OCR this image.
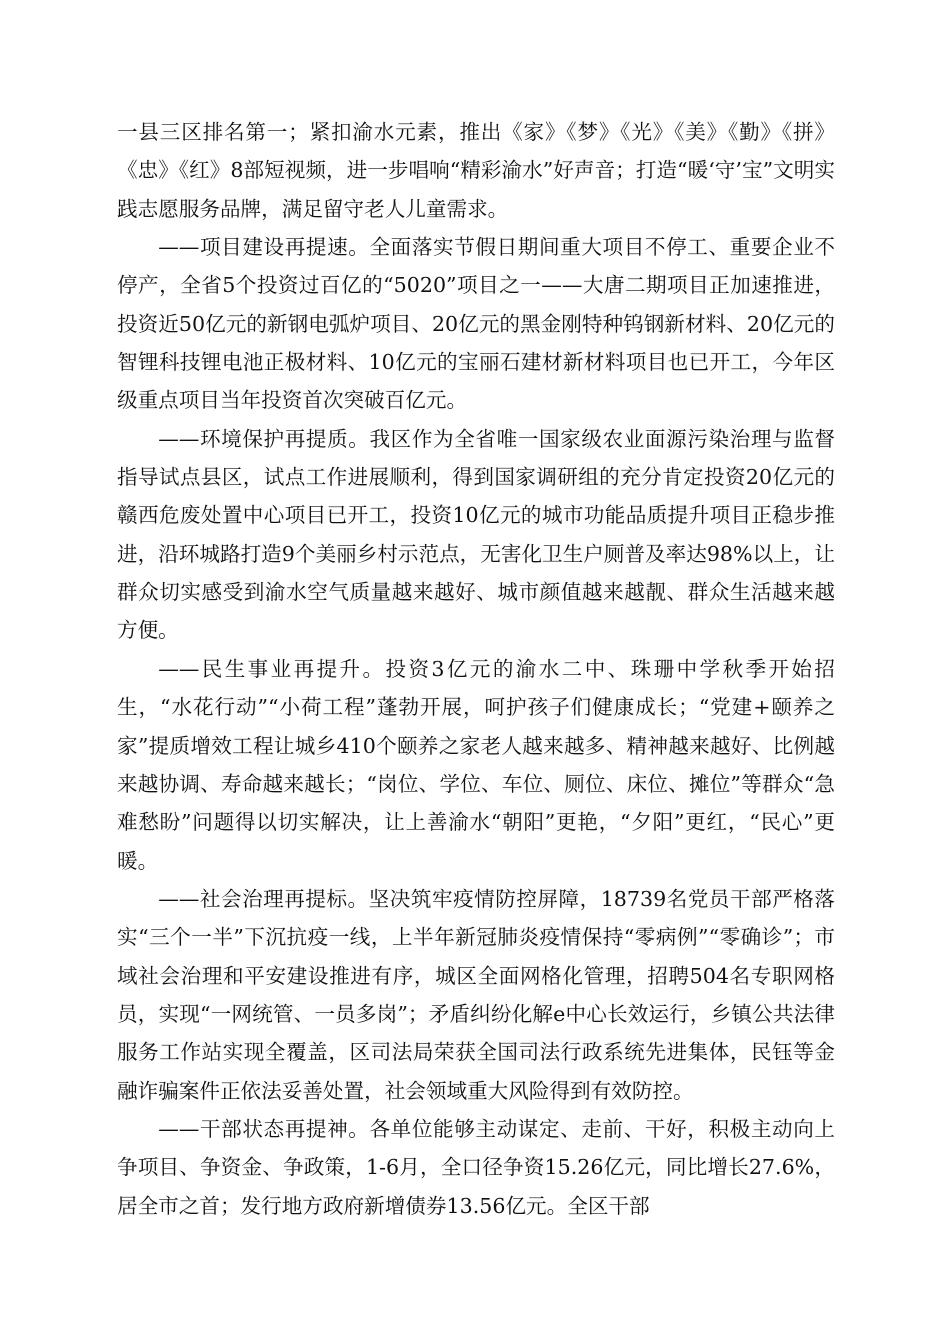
一县三区排名第一；紧扣渝水元素，推出《家》《梦》《光》《美》《勤》《拼》《忠》《红》8部短视频，进一步唱响“精彩渝水”好声音；打造“暖‘守’宝”文明实践志愿服务品牌，满足留守老人儿童需求。

——项目建设再提速。全面落实节假日期间重大项目不停工、重要企业不停产，全省5个投资过百亿的“5020”项目之一——大唐二期项目正加速推进，投资近50亿元的新钢电弧炉项目、20亿元的黑金刚特种钨钢新材料、20亿元的智锂科技锂电池正极材料、10亿元的宝丽石建材新材料项目也已开工，今年区级重点项目当年投资首次突破百亿元。

——环境保护再提质。我区作为全省唯一国家级农业面源污染治理与监督指导试点县区，试点工作进展顺利，得到国家调研组的充分肯定投资20亿元的赣西危废处置中心项目已开工，投资10亿元的城市功能品质提升项目正稳步推进，沿环城路打造9个美丽乡村示范点，无害化卫生户厕普及率达98%以上，让群众切实感受到渝水空气质量越来越好、城市颜值越来越靓、群众生活越来越方便。

——民生事业再提升。投资3亿元的渝水二中、珠珊中学秋季开始招生，“水花行动”“小荷工程”蓬勃开展，呵护孩子们健康成长；“党建+颐养之家”提质增效工程让城乡410个颐养之家老人越来越多、精神越来越好、比例越来越协调、寿命越来越长；“岗位、学位、车位、厕位、床位、摊位”等群众“急难愁盼”问题得以切实解决，让上善渝水“朝阳”更艳，“夕阳”更红，“民心”更暖。

——社会治理再提标。坚决筑牢疫情防控屏障，18739名党员干部严格落实“三个一半”下沉抗疫一线，上半年新冠肺炎疫情保持“零病例”“零确诊”；市域社会治理和平安建设推进有序，城区全面网格化管理，招聘504名专职网格员，实现“一网统管、一员多岗”；矛盾纠纷化解e中心长效运行，乡镇公共法律服务工作站实现全覆盖，区司法局荣获全国司法行政系统先进集体，民钰等金融诈骗案件正依法妥善处置，社会领域重大风险得到有效防控。

——干部状态再提神。各单位能够主动谋定、走前、干好，积极主动向上争项目、争资金、争政策，1-6月，全口径争资15.26亿元，同比增长27.6%，居全市之首；发行地方政府新增债券13.56亿元。全区干部
